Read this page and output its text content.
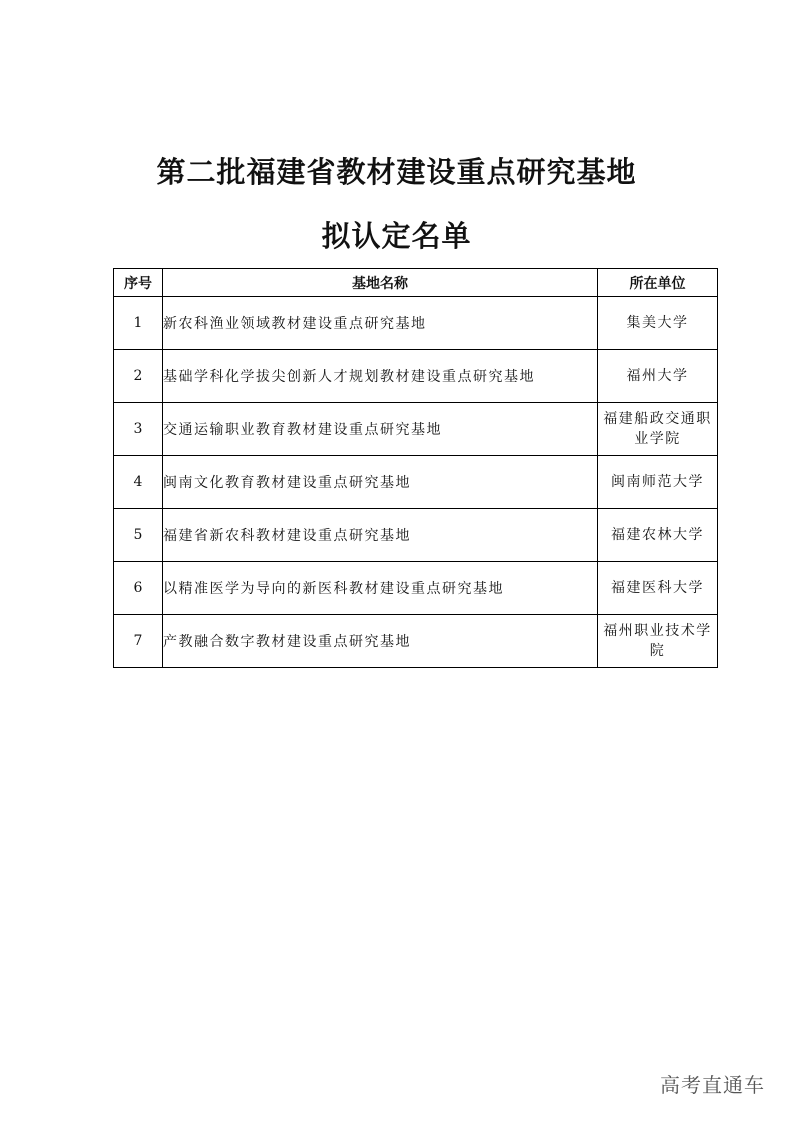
第二批福建省教材建设重点研究基地
拟认定名单
序号	基地名称	所在单位
1	新农科渔业领域教材建设重点研究基地	集美大学
2	基础学科化学拔尖创新人才规划教材建设重点研究基地	福州大学
3	交通运输职业教育教材建设重点研究基地	福建船政交通职业学院
4	闽南文化教育教材建设重点研究基地	闽南师范大学
5	福建省新农科教材建设重点研究基地	福建农林大学
6	以精准医学为导向的新医科教材建设重点研究基地	福建医科大学
7	产教融合数字教材建设重点研究基地	福州职业技术学院
高考直通车
